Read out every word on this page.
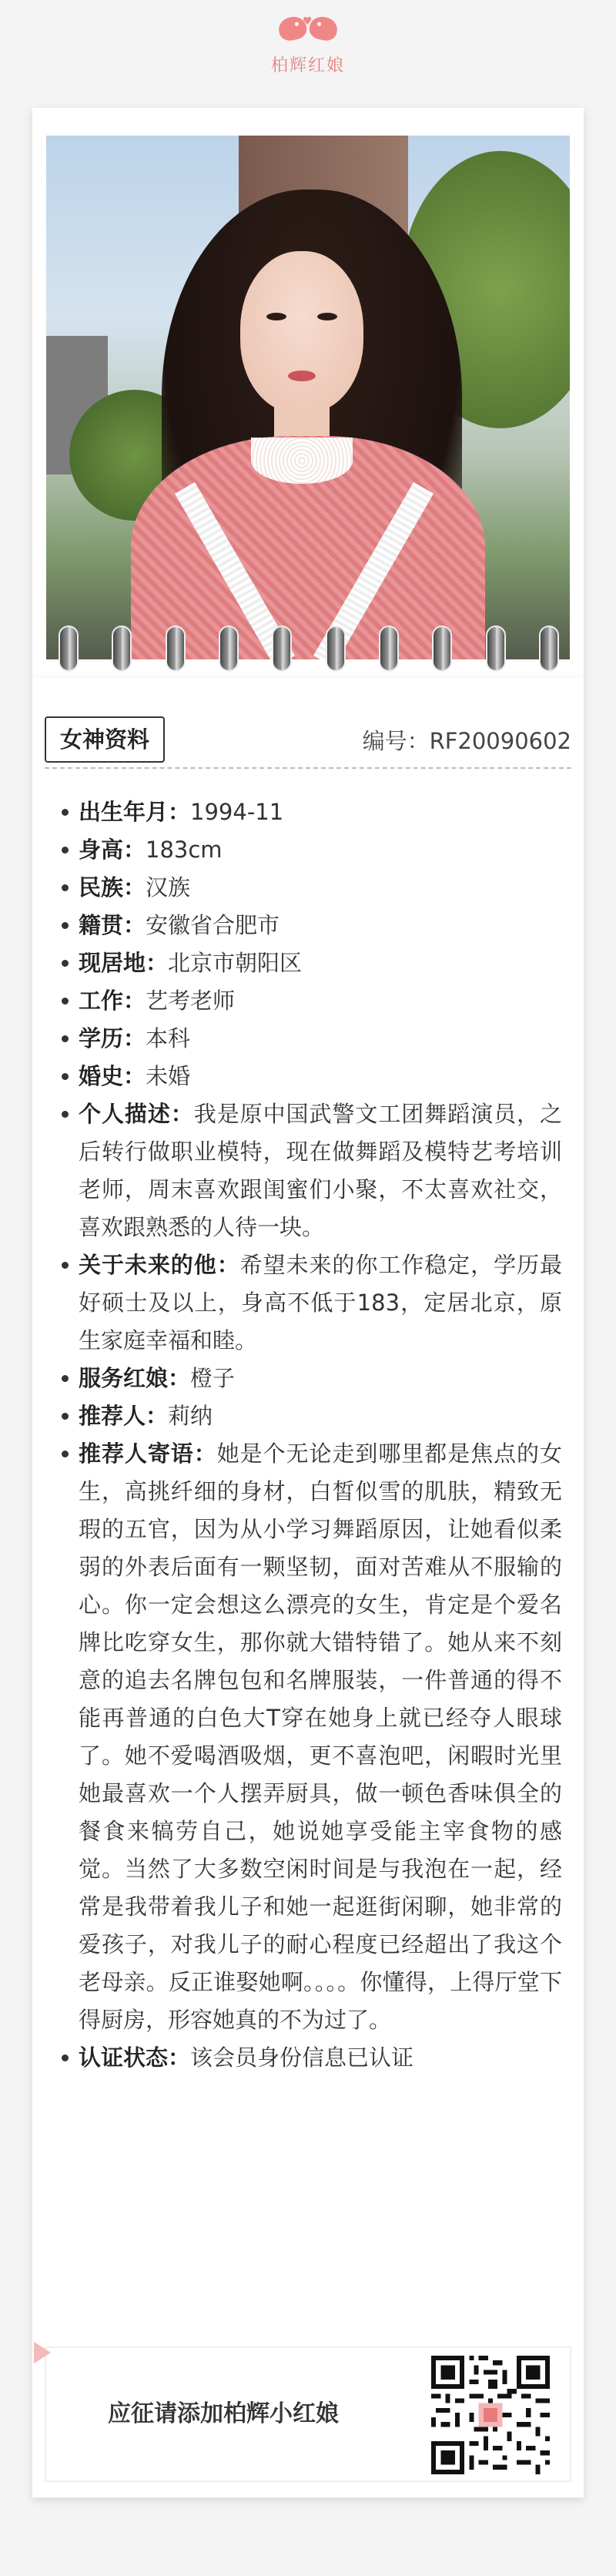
♥
柏辉红娘
女神资料	编号：RF20090602
出生年月：1994-11
身高：183cm
民族：汉族
籍贯：安徽省合肥市
现居地：北京市朝阳区
工作：艺考老师
学历：本科
婚史：未婚
个人描述：我是原中国武警文工团舞蹈演员，之后转行做职业模特，现在做舞蹈及模特艺考培训老师，周末喜欢跟闺蜜们小聚，不太喜欢社交，喜欢跟熟悉的人待一块。
关于未来的他：希望未来的你工作稳定，学历最好硕士及以上，身高不低于183，定居北京，原生家庭幸福和睦。
服务红娘：橙子
推荐人：莉纳
推荐人寄语：她是个无论走到哪里都是焦点的女生，高挑纤细的身材，白皙似雪的肌肤，精致无瑕的五官，因为从小学习舞蹈原因，让她看似柔弱的外表后面有一颗坚韧，面对苦难从不服输的心。你一定会想这么漂亮的女生，肯定是个爱名牌比吃穿女生，那你就大错特错了。她从来不刻意的追去名牌包包和名牌服装，一件普通的得不能再普通的白色大T穿在她身上就已经夺人眼球了。她不爱喝酒吸烟，更不喜泡吧，闲暇时光里她最喜欢一个人摆弄厨具，做一顿色香味俱全的餐食来犒劳自己，她说她享受能主宰食物的感觉。当然了大多数空闲时间是与我泡在一起，经常是我带着我儿子和她一起逛街闲聊，她非常的爱孩子，对我儿子的耐心程度已经超出了我这个老母亲。反正谁娶她啊。。。。你懂得，上得厅堂下得厨房，形容她真的不为过了。
认证状态：该会员身份信息已认证
应征请添加柏辉小红娘
